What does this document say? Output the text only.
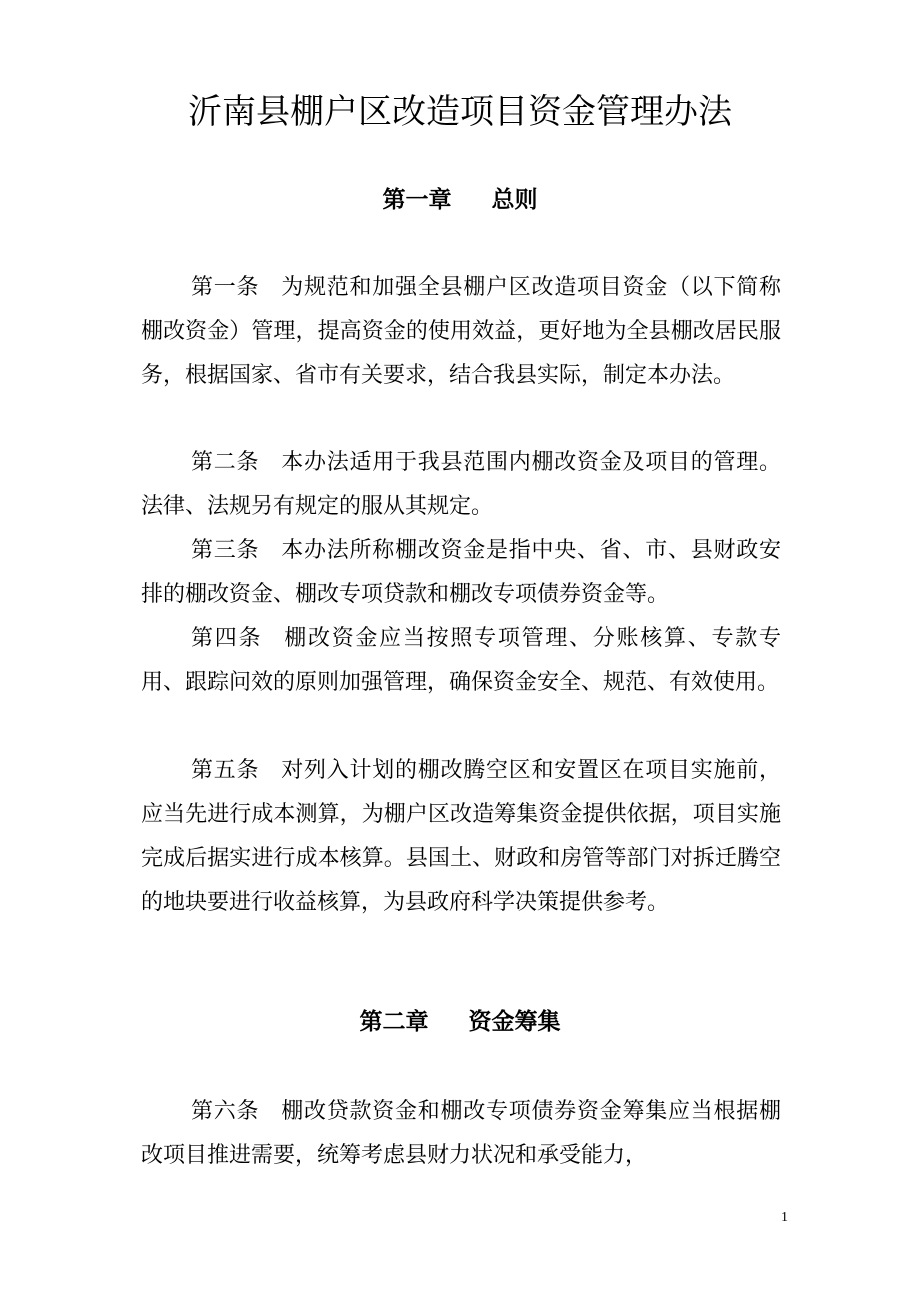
沂南县棚户区改造项目资金管理办法
第一章 总则

第一条 为规范和加强全县棚户区改造项目资金（以下简称棚改资金）管理，提高资金的使用效益，更好地为全县棚改居民服务，根据国家、省市有关要求，结合我县实际，制定本办法。

第二条 本办法适用于我县范围内棚改资金及项目的管理。法律、法规另有规定的服从其规定。

第三条 本办法所称棚改资金是指中央、省、市、县财政安排的棚改资金、棚改专项贷款和棚改专项债券资金等。

第四条 棚改资金应当按照专项管理、分账核算、专款专用、跟踪问效的原则加强管理，确保资金安全、规范、有效使用。

第五条 对列入计划的棚改腾空区和安置区在项目实施前，应当先进行成本测算，为棚户区改造筹集资金提供依据，项目实施完成后据实进行成本核算。县国土、财政和房管等部门对拆迁腾空的地块要进行收益核算，为县政府科学决策提供参考。

第二章 资金筹集

第六条 棚改贷款资金和棚改专项债券资金筹集应当根据棚改项目推进需要，统筹考虑县财力状况和承受能力，

1
